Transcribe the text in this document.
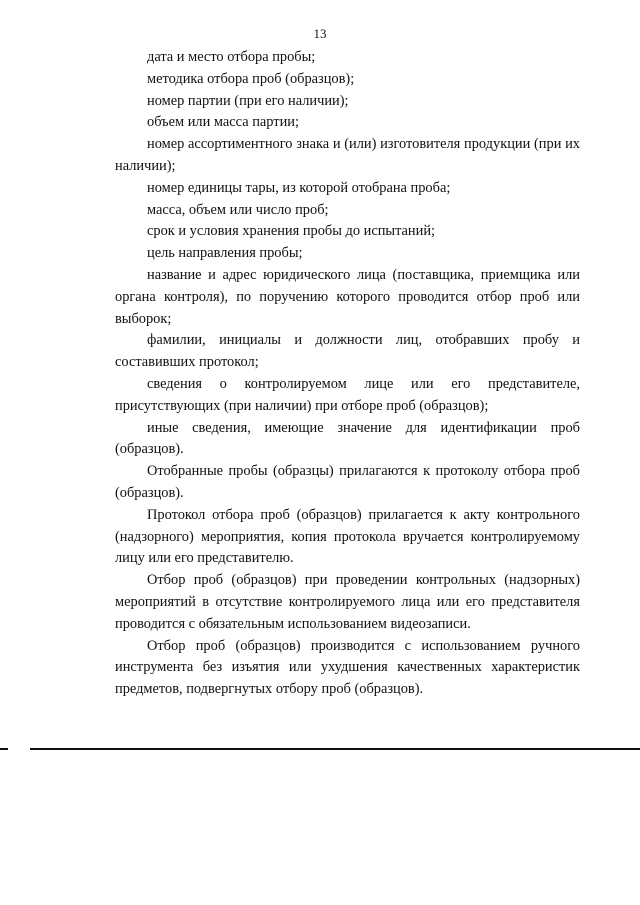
13

дата и место отбора пробы;

методика отбора проб (образцов);

номер партии (при его наличии);

объем или масса партии;

номер ассортиментного знака и (или) изготовителя продукции (при их наличии);

номер единицы тары, из которой отобрана проба;

масса, объем или число проб;

срок и условия хранения пробы до испытаний;

цель направления пробы;

название и адрес юридического лица (поставщика, приемщика или органа контроля), по поручению которого проводится отбор проб или выборок;

фамилии, инициалы и должности лиц, отобравших пробу и составивших протокол;

сведения о контролируемом лице или его представителе, присутствующих (при наличии) при отборе проб (образцов);

иные сведения, имеющие значение для идентификации проб (образцов).

Отобранные пробы (образцы) прилагаются к протоколу отбора проб (образцов).

Протокол отбора проб (образцов) прилагается к акту контрольного (надзорного) мероприятия, копия протокола вручается контролируемому лицу или его представителю.

Отбор проб (образцов) при проведении контрольных (надзорных) мероприятий в отсутствие контролируемого лица или его представителя проводится с обязательным использованием видеозаписи.

Отбор проб (образцов) производится с использованием ручного инструмента без изъятия или ухудшения качественных характеристик предметов, подвергнутых отбору проб (образцов).
